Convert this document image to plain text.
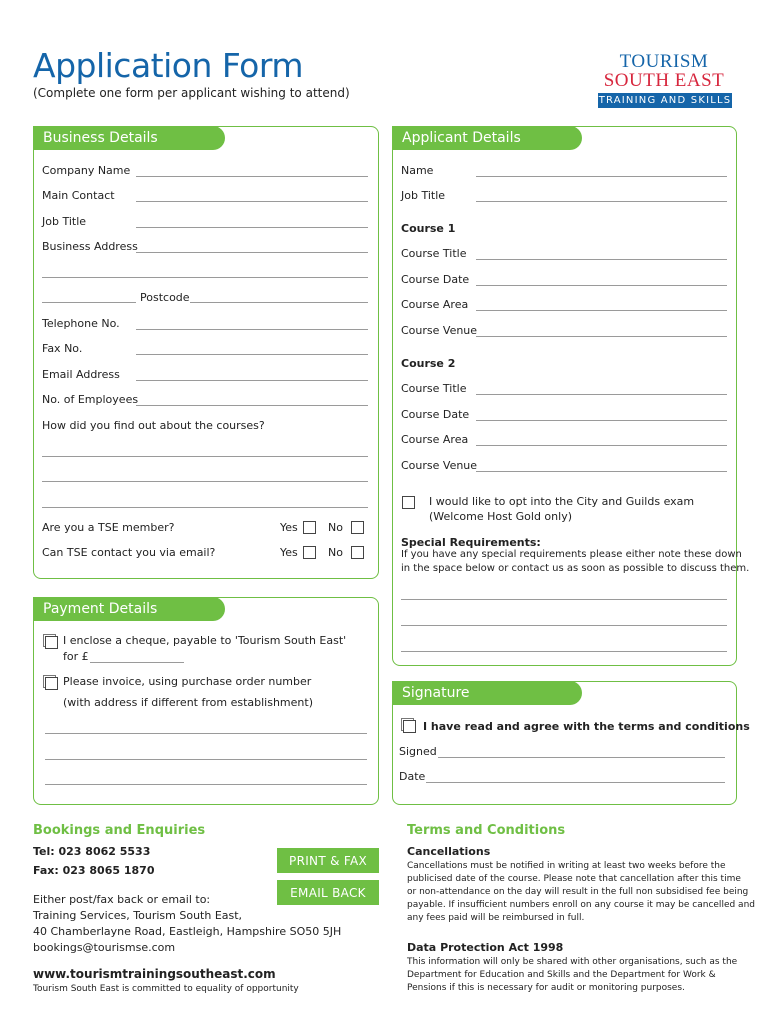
Application Form
(Complete one form per applicant wishing to attend)
TOURISM
SOUTH EAST
TRAINING AND SKILLS
Business Details
Company Name
Main Contact
Job Title
Business Address
Postcode
Telephone No.
Fax No.
Email Address
No. of Employees
How did you find out about the courses?
Are you a TSE member?	Yes	No
Can TSE contact you via email?	Yes	No
Applicant Details
Name
Job Title
Course 1
Course Title
Course Date
Course Area
Course Venue
Course 2
Course Title
Course Date
Course Area
Course Venue
I would like to opt into the City and Guilds exam
(Welcome Host Gold only)
Special Requirements:
If you have any special requirements please either note these down
in the space below or contact us as soon as possible to discuss them.
Payment Details
I enclose a cheque, payable to 'Tourism South East'
for £
Please invoice, using purchase order number
(with address if different from establishment)
Signature
I have read and agree with the terms and conditions
Signed
Date
Bookings and Enquiries
Tel: 023 8062 5533
Fax: 023 8065 1870
PRINT & FAX
EMAIL BACK
Either post/fax back or email to:
Training Services, Tourism South East,
40 Chamberlayne Road, Eastleigh, Hampshire SO50 5JH
bookings@tourismse.com
www.tourismtrainingsoutheast.com
Tourism South East is committed to equality of opportunity
Terms and Conditions
Cancellations
Cancellations must be notified in writing at least two weeks before the
publicised date of the course. Please note that cancellation after this time
or non-attendance on the day will result in the full non subsidised fee being
payable. If insufficient numbers enroll on any course it may be cancelled and
any fees paid will be reimbursed in full.
Data Protection Act 1998
This information will only be shared with other organisations, such as the
Department for Education and Skills and the Department for Work &
Pensions if this is necessary for audit or monitoring purposes.
